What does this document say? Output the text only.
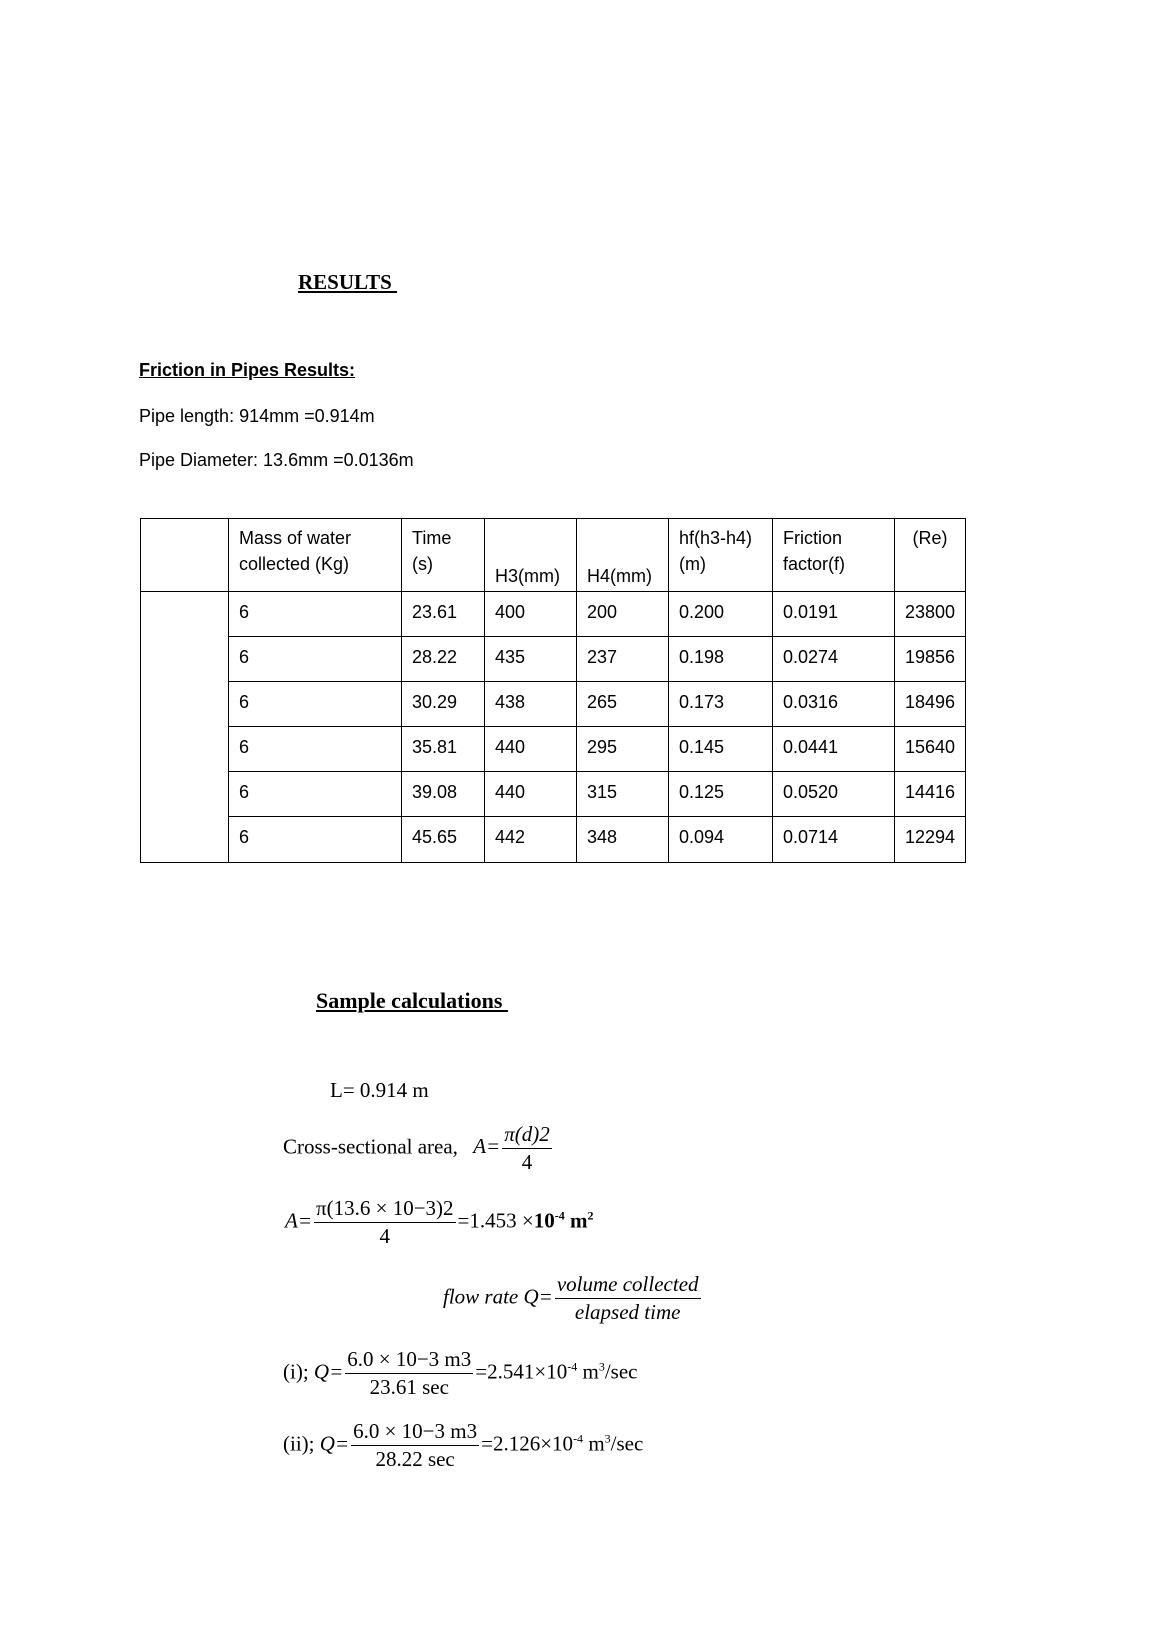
RESULTS
Friction in Pipes Results:
Pipe length: 914mm =0.914m
Pipe Diameter: 13.6mm =0.0136m
	Mass of water collected (Kg)	Time (s)	H3(mm)	H4(mm)	hf(h3-h4) (m)	Friction factor(f)	(Re)
	6	23.61	400	200	0.200	0.0191	23800
	6	28.22	435	237	0.198	0.0274	19856
	6	30.29	438	265	0.173	0.0316	18496
	6	35.81	440	295	0.145	0.0441	15640
	6	39.08	440	315	0.125	0.0520	14416
	6	45.65	442	348	0.094	0.0714	12294
Sample calculations
L= 0.914 m
Cross-sectional area, $A= \frac{\pi(d)2}{4}$
$A= \frac{\pi(13.6 \times 10-3)2}{4} =1.453 \times 10^{-4}$ $m^2$
flow rate $Q= \frac{\text{volume collected}}{\text{elapsed time}}$
(i); $Q= \frac{6.0 \times 10-3 m3}{23.61 \sec} =2.541\times 10^{-4}$ $m^3/\sec$
(ii); $Q= \frac{6.0 \times 10-3 m3}{28.22 \sec} =2.126\times 10^{-4}$ $m^3/\sec$
